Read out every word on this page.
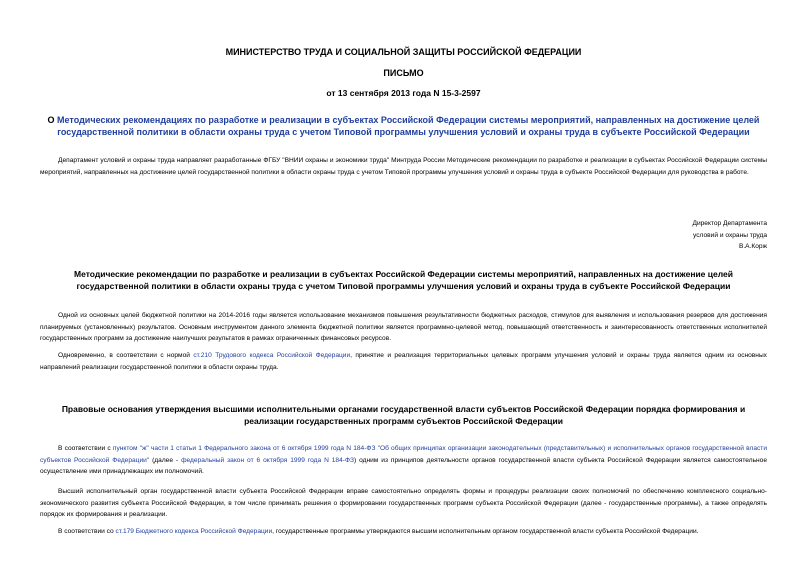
МИНИСТЕРСТВО ТРУДА И СОЦИАЛЬНОЙ ЗАЩИТЫ РОССИЙСКОЙ ФЕДЕРАЦИИ
ПИСЬМО
от 13 сентября 2013 года N 15-3-2597
О Методических рекомендациях по разработке и реализации в субъектах Российской Федерации системы мероприятий, направленных на достижение целей государственной политики в области охраны труда с учетом Типовой программы улучшения условий и охраны труда в субъекте Российской Федерации
Департамент условий и охраны труда направляет разработанные ФГБУ "ВНИИ охраны и экономики труда" Минтруда России Методические рекомендации по разработке и реализации в субъектах Российской Федерации системы мероприятий, направленных на достижение целей государственной политики в области охраны труда с учетом Типовой программы улучшения условий и охраны труда в субъекте Российской Федерации для руководства в работе.
Директор Департамента
условий и охраны труда
В.А.Корж
Методические рекомендации по разработке и реализации в субъектах Российской Федерации системы мероприятий, направленных на достижение целей государственной политики в области охраны труда с учетом Типовой программы улучшения условий и охраны труда в субъекте Российской Федерации
Одной из основных целей бюджетной политики на 2014-2016 годы является использование механизмов повышения результативности бюджетных расходов, стимулов для выявления и использования резервов для достижения планируемых (установленных) результатов. Основным инструментом данного элемента бюджетной политики является программно-целевой метод, повышающий ответственность и заинтересованность ответственных исполнителей государственных программ за достижение наилучших результатов в рамках ограниченных финансовых ресурсов.
Одновременно, в соответствии с нормой ст.210 Трудового кодекса Российской Федерации, принятие и реализация территориальных целевых программ улучшения условий и охраны труда является одним из основных направлений реализации государственной политики в области охраны труда.
Правовые основания утверждения высшими исполнительными органами государственной власти субъектов Российской Федерации порядка формирования и реализации государственных программ субъектов Российской Федерации
В соответствии с пунктом "ж" части 1 статьи 1 Федерального закона от 6 октября 1999 года N 184-ФЗ "Об общих принципах организации законодательных (представительных) и исполнительных органов государственной власти субъектов Российской Федерации" (далее - федеральный закон от 6 октября 1999 года N 184-ФЗ) одним из принципов деятельности органов государственной власти субъекта Российской Федерации является самостоятельное осуществление ими принадлежащих им полномочий.
Высший исполнительный орган государственной власти субъекта Российской Федерации вправе самостоятельно определять формы и процедуры реализации своих полномочий по обеспечению комплексного социально-экономического развития субъекта Российской Федерации, в том числе принимать решения о формировании государственных программ субъекта Российской Федерации (далее - государственные программы), а также определять порядок их формирования и реализации.
В соответствии со ст.179 Бюджетного кодекса Российской Федерации, государственные программы утверждаются высшим исполнительным органом государственной власти субъекта Российской Федерации.
